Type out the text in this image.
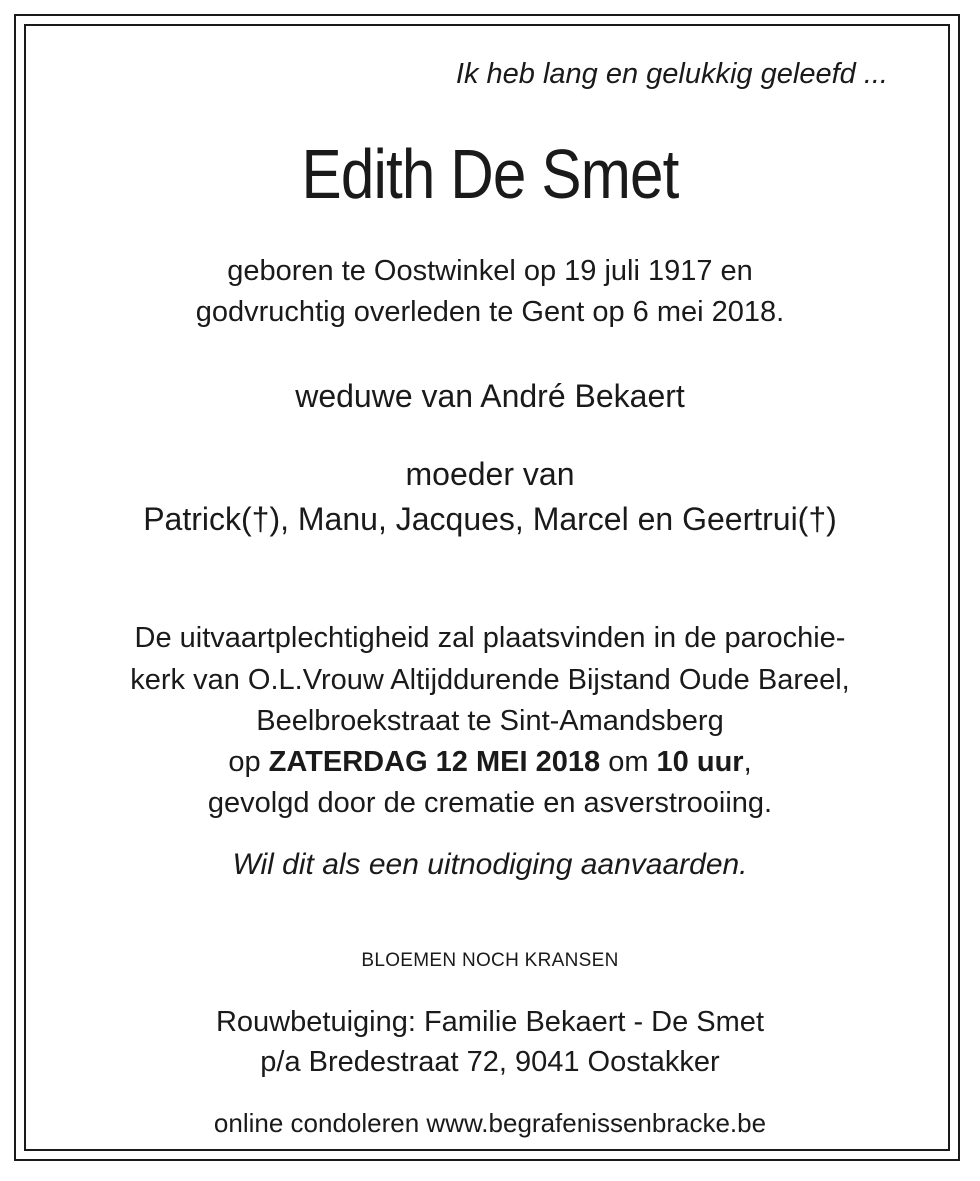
Ik heb lang en gelukkig geleefd ...

Edith De Smet

geboren te Oostwinkel op 19 juli 1917 en

godvruchtig overleden te Gent op 6 mei 2018.

weduwe van André Bekaert

moeder van

Patrick(†), Manu, Jacques, Marcel en Geertrui(†)

De uitvaartplechtigheid zal plaatsvinden in de parochie-

kerk van O.L.Vrouw Altijddurende Bijstand Oude Bareel,

Beelbroekstraat te Sint-Amandsberg

op ZATERDAG 12 MEI 2018 om 10 uur,

gevolgd door de crematie en asverstrooiing.

Wil dit als een uitnodiging aanvaarden.

BLOEMEN NOCH KRANSEN

Rouwbetuiging: Familie Bekaert - De Smet

p/a Bredestraat 72, 9041 Oostakker

online condoleren www.begrafenissenbracke.be
